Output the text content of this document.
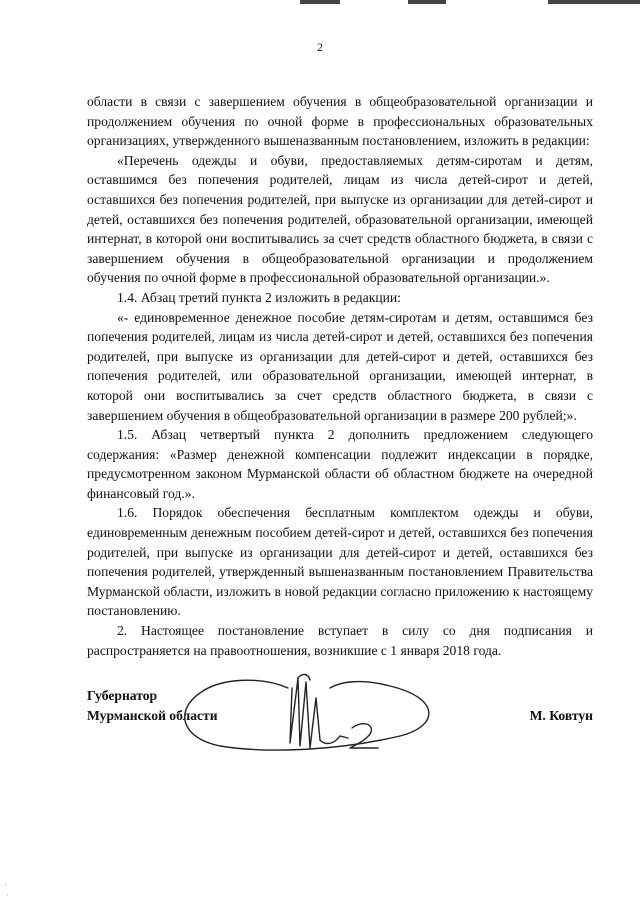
2

области в связи с завершением обучения в общеобразовательной организации и продолжением обучения по очной форме в профессиональных образовательных организациях, утвержденного вышеназванным постановлением, изложить в редакции:

«Перечень одежды и обуви, предоставляемых детям-сиротам и детям, оставшимся без попечения родителей, лицам из числа детей-сирот и детей, оставшихся без попечения родителей, при выпуске из организации для детей-сирот и детей, оставшихся без попечения родителей, образовательной организации, имеющей интернат, в которой они воспитывались за счет средств областного бюджета, в связи с завершением обучения в общеобразовательной организации и продолжением обучения по очной форме в профессиональной образовательной организации.».

1.4. Абзац третий пункта 2 изложить в редакции:

«- единовременное денежное пособие детям-сиротам и детям, оставшимся без попечения родителей, лицам из числа детей-сирот и детей, оставшихся без попечения родителей, при выпуске из организации для детей-сирот и детей, оставшихся без попечения родителей, или образовательной организации, имеющей интернат, в которой они воспитывались за счет средств областного бюджета, в связи с завершением обучения в общеобразовательной организации в размере 200 рублей;».

1.5. Абзац четвертый пункта 2 дополнить предложением следующего содержания: «Размер денежной компенсации подлежит индексации в порядке, предусмотренном законом Мурманской области об областном бюджете на очередной финансовый год.».

1.6. Порядок обеспечения бесплатным комплектом одежды и обуви, единовременным денежным пособием детей-сирот и детей, оставшихся без попечения родителей, при выпуске из организации для детей-сирот и детей, оставшихся без попечения родителей, утвержденный вышеназванным постановлением Правительства Мурманской области, изложить в новой редакции согласно приложению к настоящему постановлению.

2. Настоящее постановление вступает в силу со дня подписания и распространяется на правоотношения, возникшие с 1 января 2018 года.

Губернатор
Мурманской области	М. Ковтун
·
·
